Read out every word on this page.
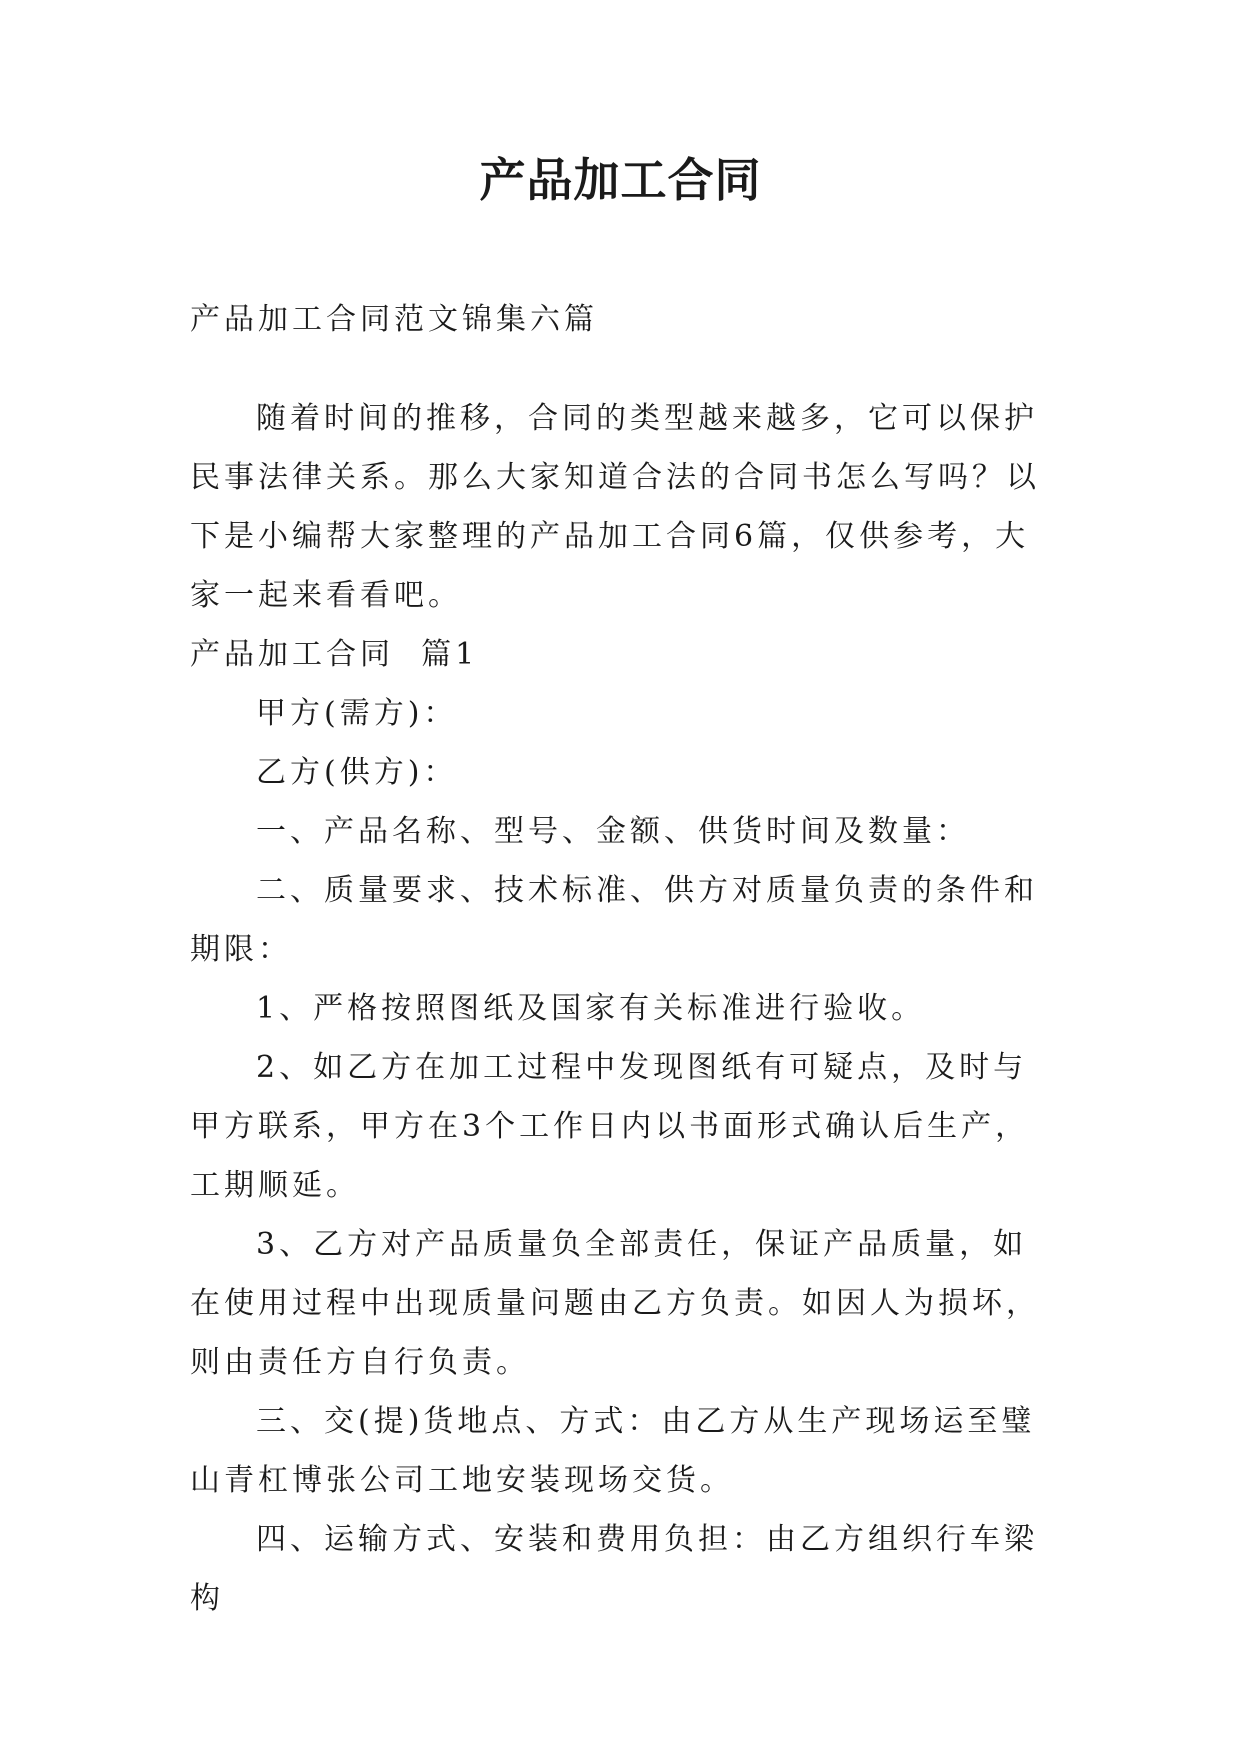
产品加工合同

产品加工合同范文锦集六篇

随着时间的推移，合同的类型越来越多，它可以保护民事法律关系。那么大家知道合法的合同书怎么写吗？以下是小编帮大家整理的产品加工合同6篇，仅供参考，大家一起来看看吧。

产品加工合同  篇1

甲方(需方)：

乙方(供方)：

一、产品名称、型号、金额、供货时间及数量：

二、质量要求、技术标准、供方对质量负责的条件和期限：

1、严格按照图纸及国家有关标准进行验收。

2、如乙方在加工过程中发现图纸有可疑点，及时与甲方联系，甲方在3个工作日内以书面形式确认后生产，工期顺延。

3、乙方对产品质量负全部责任，保证产品质量，如在使用过程中出现质量问题由乙方负责。如因人为损坏，则由责任方自行负责。

三、交(提)货地点、方式：由乙方从生产现场运至璧山青杠博张公司工地安装现场交货。

四、运输方式、安装和费用负担：由乙方组织行车梁构
